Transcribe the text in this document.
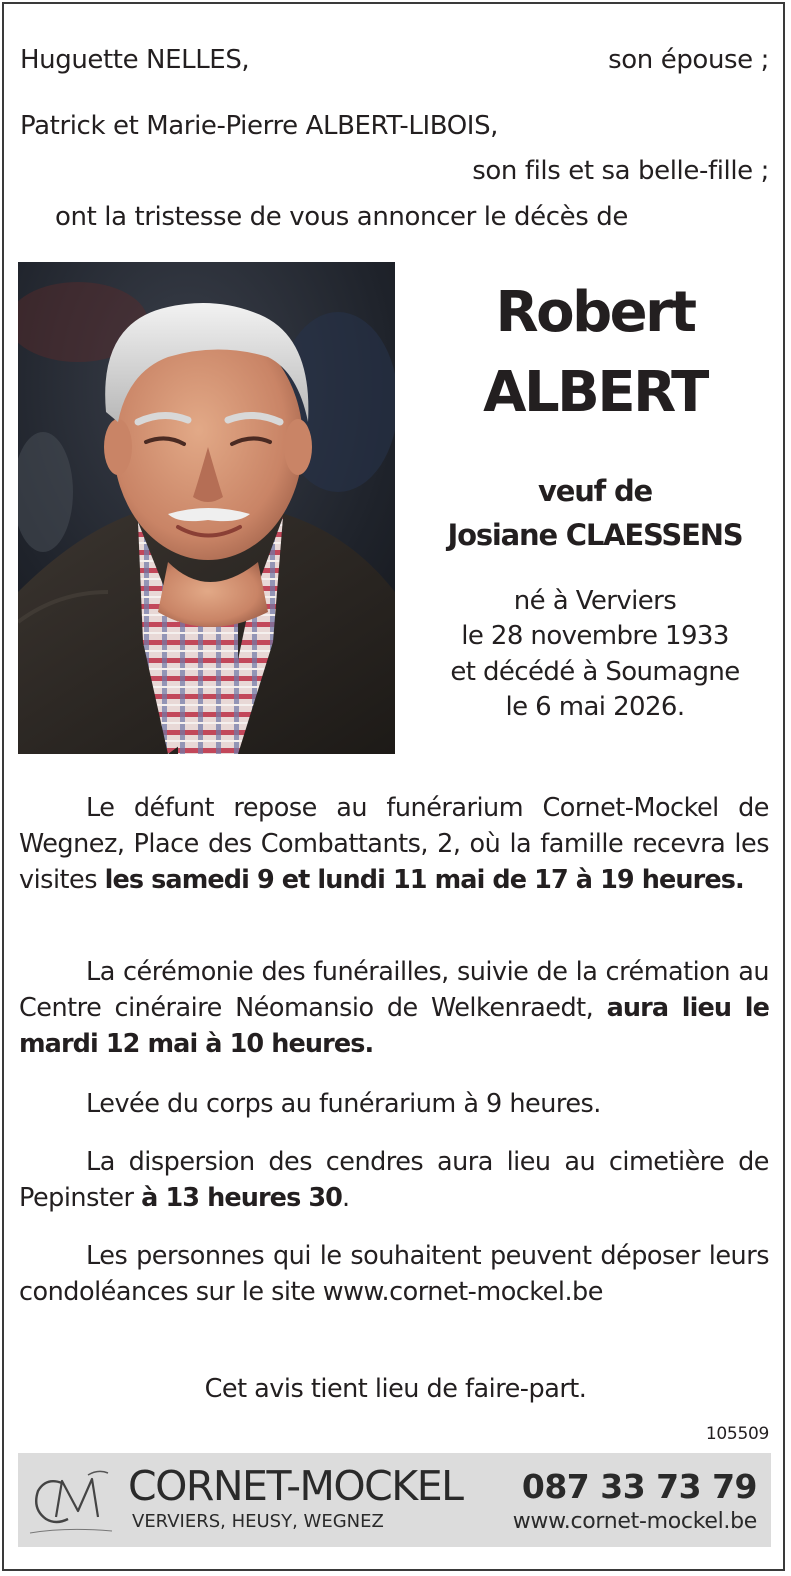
Huguette NELLES,	son épouse ;
Patrick et Marie-Pierre ALBERT-LIBOIS,
son fils et sa belle-fille ;
ont la tristesse de vous annoncer le décès de
Robert
ALBERT
veuf de
Josiane CLAESSENS
né à Verviers
le 28 novembre 1933
et décédé à Soumagne
le 6 mai 2026.

Le défunt repose au funérarium Cornet-Mockel de Wegnez, Place des Combattants, 2, où la famille recevra les visites les samedi 9 et lundi 11 mai de 17 à 19 heures.

La cérémonie des funérailles, suivie de la crémation au Centre cinéraire Néomansio de Welkenraedt, aura lieu le mardi 12 mai à 10 heures.

Levée du corps au funérarium à 9 heures.

La dispersion des cendres aura lieu au cimetière de Pepinster à 13 heures 30.

Les personnes qui le souhaitent peuvent déposer leurs condoléances sur le site www.cornet-mockel.be

Cet avis tient lieu de faire-part.
105509
CORNET-MOCKEL
VERVIERS, HEUSY, WEGNEZ
087 33 73 79
www.cornet-mockel.be
